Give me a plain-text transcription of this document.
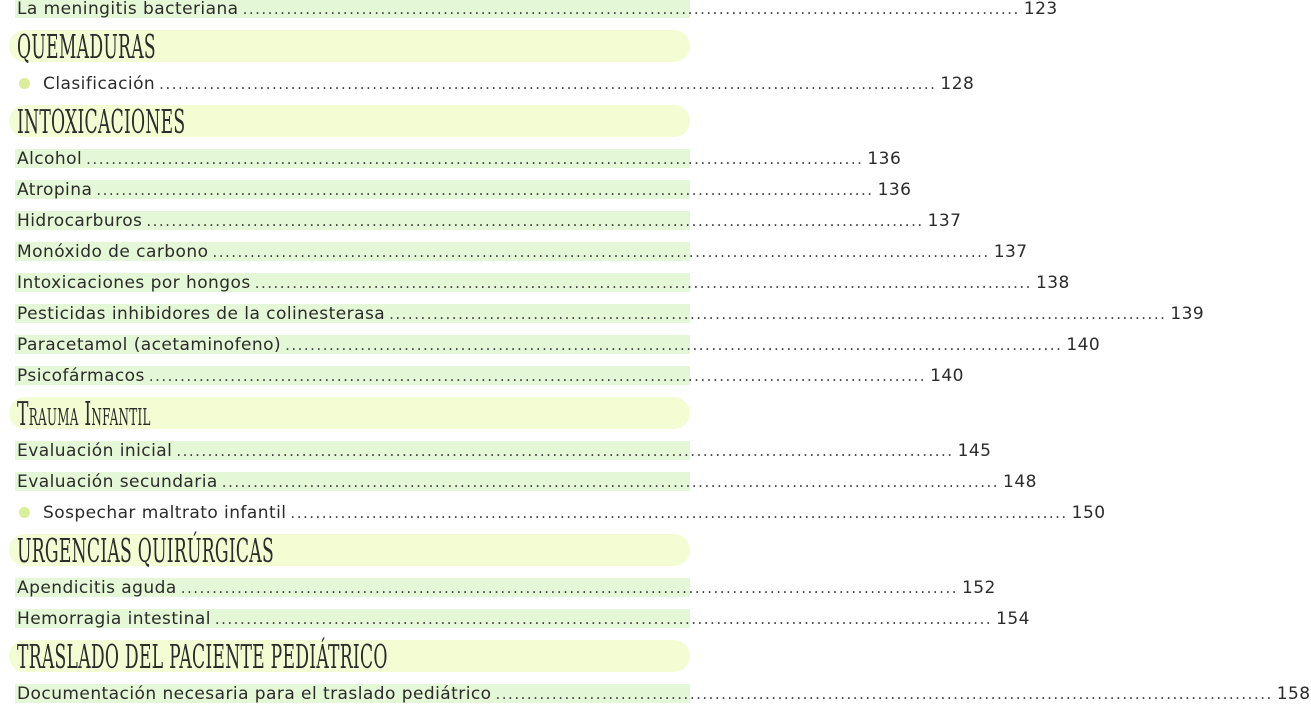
La meningitis bacteriana ............................................................................................................................ 123
QUEMADURAS
Clasificación ............................................................................................................................ 128
INTOXICACIONES
Alcohol ............................................................................................................................ 136
Atropina ............................................................................................................................ 136
Hidrocarburos ............................................................................................................................ 137
Monóxido de carbono ............................................................................................................................ 137
Intoxicaciones por hongos ............................................................................................................................ 138
Pesticidas inhibidores de la colinesterasa ............................................................................................................................ 139
Paracetamol (acetaminofeno) ............................................................................................................................ 140
Psicofármacos ............................................................................................................................ 140
Trauma Infantil
Evaluación inicial ............................................................................................................................ 145
Evaluación secundaria ............................................................................................................................ 148
Sospechar maltrato infantil ............................................................................................................................ 150
URGENCIAS QUIRÚRGICAS
Apendicitis aguda ............................................................................................................................ 152
Hemorragia intestinal ............................................................................................................................ 154
TRASLADO DEL PACIENTE PEDIÁTRICO
Documentación necesaria para el traslado pediátrico ............................................................................................................................ 158
